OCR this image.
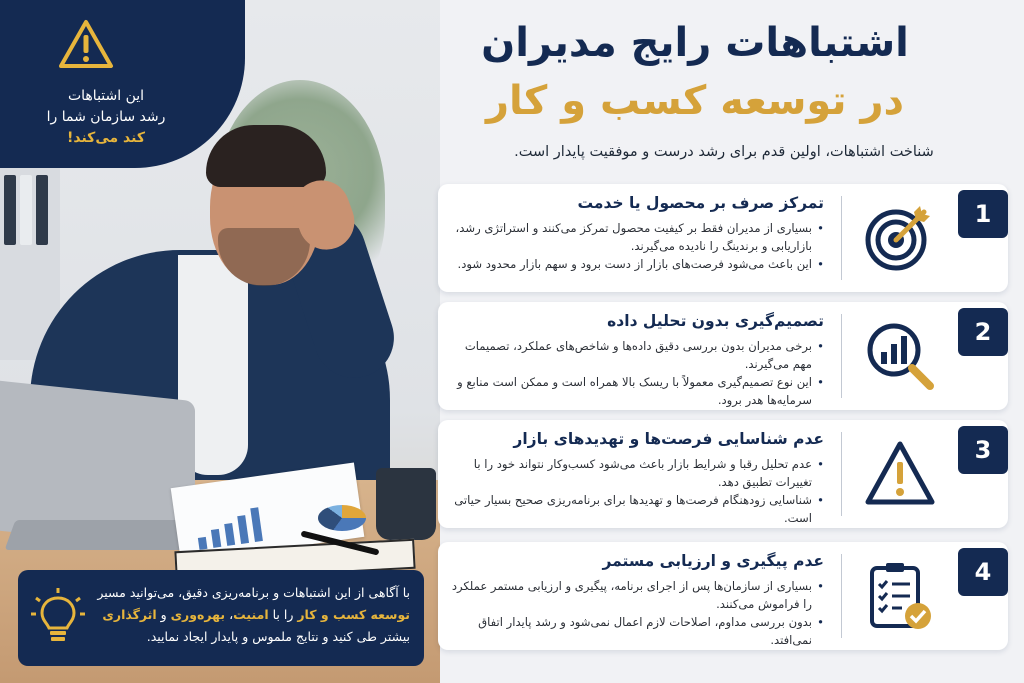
این اشتباهات
رشد سازمان شما را
کند می‌کند!
با آگاهی از این اشتباهات و برنامه‌ریزی دقیق، می‌توانید مسیر توسعه کسب و کار را با امنیت، بهره‌وری و اثرگذاری بیشتر طی کنید و نتایج ملموس و پایدار ایجاد نمایید.
اشتباهات رایج مدیران
در توسعه کسب و کار
شناخت اشتباهات، اولین قدم برای رشد درست و موفقیت پایدار است.
1
تمرکز صرف بر محصول یا خدمت
• بسیاری از مدیران فقط بر کیفیت محصول تمرکز می‌کنند و استراتژی رشد، بازاریابی و برندینگ را نادیده می‌گیرند.
• این باعث می‌شود فرصت‌های بازار از دست برود و سهم بازار محدود شود.
2
تصمیم‌گیری بدون تحلیل داده
• برخی مدیران بدون بررسی دقیق داده‌ها و شاخص‌های عملکرد، تصمیمات مهم می‌گیرند.
• این نوع تصمیم‌گیری معمولاً با ریسک بالا همراه است و ممکن است منابع و سرمایه‌ها هدر برود.
3
عدم شناسایی فرصت‌ها و تهدیدهای بازار
• عدم تحلیل رقبا و شرایط بازار باعث می‌شود کسب‌وکار نتواند خود را با تغییرات تطبیق دهد.
• شناسایی زودهنگام فرصت‌ها و تهدیدها برای برنامه‌ریزی صحیح بسیار حیاتی است.
4
عدم پیگیری و ارزیابی مستمر
• بسیاری از سازمان‌ها پس از اجرای برنامه، پیگیری و ارزیابی مستمر عملکرد را فراموش می‌کنند.
• بدون بررسی مداوم، اصلاحات لازم اعمال نمی‌شود و رشد پایدار اتفاق نمی‌افتد.
